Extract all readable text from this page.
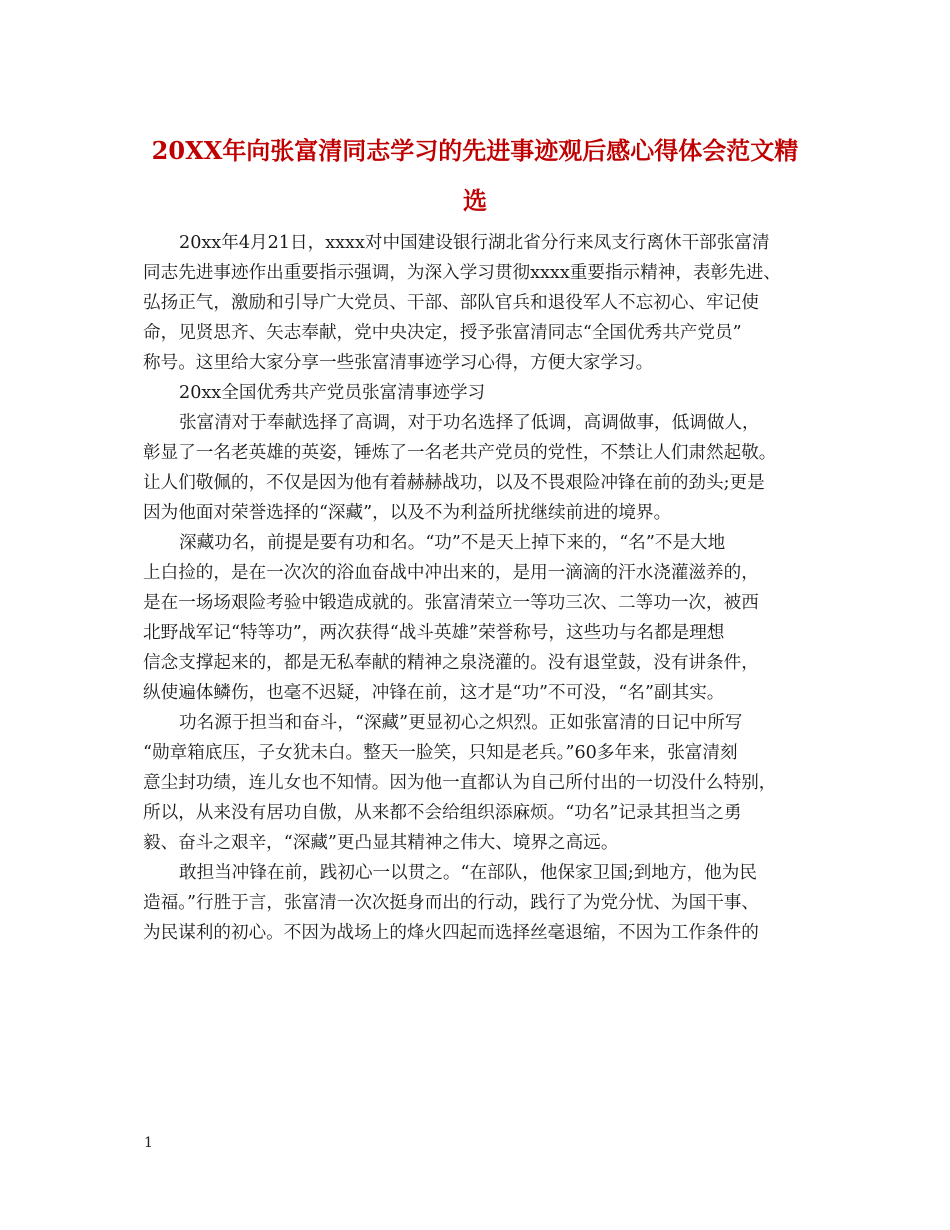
20XX年向张富清同志学习的先进事迹观后感心得体会范文精
选
20xx年4月21日，xxxx对中国建设银行湖北省分行来凤支行离休干部张富清
同志先进事迹作出重要指示强调，为深入学习贯彻xxxx重要指示精神，表彰先进、
弘扬正气，激励和引导广大党员、干部、部队官兵和退役军人不忘初心、牢记使
命，见贤思齐、矢志奉献，党中央决定，授予张富清同志“全国优秀共产党员”
称号。这里给大家分享一些张富清事迹学习心得，方便大家学习。
20xx全国优秀共产党员张富清事迹学习
张富清对于奉献选择了高调，对于功名选择了低调，高调做事，低调做人，
彰显了一名老英雄的英姿，锤炼了一名老共产党员的党性，不禁让人们肃然起敬。
让人们敬佩的，不仅是因为他有着赫赫战功，以及不畏艰险冲锋在前的劲头;更是
因为他面对荣誉选择的“深藏”，以及不为利益所扰继续前进的境界。
深藏功名，前提是要有功和名。“功”不是天上掉下来的，“名”不是大地
上白捡的，是在一次次的浴血奋战中冲出来的，是用一滴滴的汗水浇灌滋养的，
是在一场场艰险考验中锻造成就的。张富清荣立一等功三次、二等功一次，被西
北野战军记“特等功”，两次获得“战斗英雄”荣誉称号，这些功与名都是理想
信念支撑起来的，都是无私奉献的精神之泉浇灌的。没有退堂鼓，没有讲条件，
纵使遍体鳞伤，也毫不迟疑，冲锋在前，这才是“功”不可没，“名”副其实。
功名源于担当和奋斗，“深藏”更显初心之炽烈。正如张富清的日记中所写
“勋章箱底压，子女犹未白。整天一脸笑，只知是老兵。”60多年来，张富清刻
意尘封功绩，连儿女也不知情。因为他一直都认为自己所付出的一切没什么特别，
所以，从来没有居功自傲，从来都不会给组织添麻烦。“功名”记录其担当之勇
毅、奋斗之艰辛，“深藏”更凸显其精神之伟大、境界之高远。
敢担当冲锋在前，践初心一以贯之。“在部队，他保家卫国;到地方，他为民
造福。”行胜于言，张富清一次次挺身而出的行动，践行了为党分忧、为国干事、
为民谋利的初心。不因为战场上的烽火四起而选择丝毫退缩，不因为工作条件的
1
